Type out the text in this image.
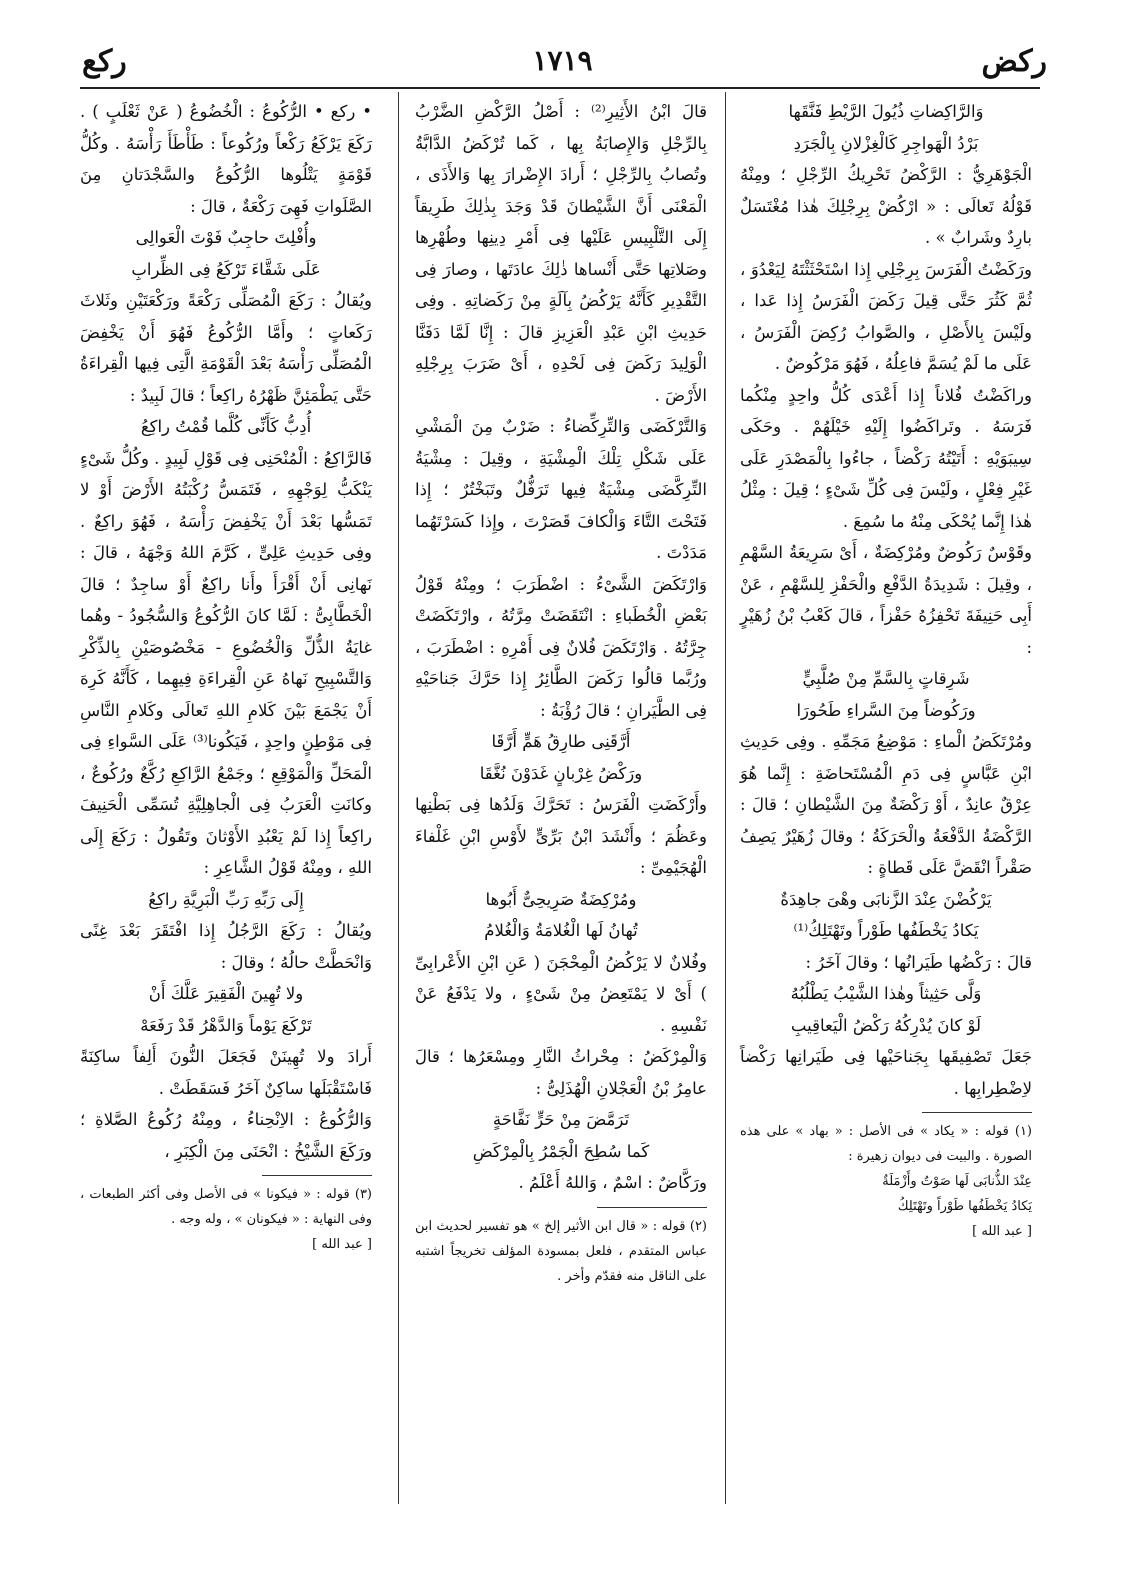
ركض
١٧١٩
ركع

وَالرَّاكِضاتِ ذُيُولَ الرَّيْطِ فَنَّقَها

بَرْدُ الْهَواجِرِ كَالْغِزْلانِ بِالْجَرَدِ

الْجَوْهَرِيُّ : الرَّكْضُ تَحْرِيكُ الرِّجْلِ ؛ ومِنْهُ قَوْلُهُ تَعالَى : « ارْكُضْ بِرِجْلِكَ هٰذا مُغْتَسَلٌ بارِدٌ وشَرابٌ » .

ورَكَضْتُ الْفَرَسَ بِرِجْلِي إِذا اسْتَحْثَثْتَهُ لِيَعْدُوَ ، ثُمَّ كَثُرَ حَتَّى قِيلَ رَكَضَ الْفَرَسُ إِذا عَدا ، ولَيْسَ بِالأَصْلِ ، والصَّوابُ رُكِضَ الْفَرَسُ ، عَلَى ما لَمْ يُسَمَّ فاعِلُهُ ، فَهُوَ مَرْكُوضٌ .

وراكَضْتُ فُلاناً إِذا أَعْدَى كُلُّ واحِدٍ مِنْكُما فَرَسَهُ . وتَراكَضُوا إِلَيْهِ خَيْلَهُمْ . وحَكَى سِيبَوَيْهِ : أَتَيْتُهُ رَكْضاً ، جاءُوا بِالْمَصْدَرِ عَلَى غَيْرِ فِعْلٍ ، ولَيْسَ فِى كُلِّ شَىْءٍ ؛ قِيلَ : مِثْلُ هٰذا إِنَّما يُحْكَى مِنْهُ ما سُمِعَ .

وقَوْسٌ رَكُوضٌ ومُرْكِضَةٌ ، أَىْ سَرِيعَةُ السَّهْمِ ، وقِيلَ : شَدِيدَةُ الدَّفْعِ والْحَفْزِ لِلسَّهْمِ ، عَنْ أَبِى حَنِيفَةَ تَحْفِزُهُ حَفْزاً ، قالَ كَعْبُ بْنُ زُهَيْرٍ :

شَرِقاتٍ بِالسَّمِّ مِنْ صُلَّبِيٍّ

ورَكُوضاً مِنَ السَّراءِ طَحُورَا

ومُرْتَكَضُ الْماءِ : مَوْضِعُ مَجَمِّهِ . وفِى حَدِيثِ ابْنِ عَبَّاسٍ فِى دَمِ الْمُسْتَحاضَةِ : إِنَّما هُوَ عِرْقٌ عانِدٌ ، أَوْ رَكْضَةٌ مِنَ الشَّيْطانِ ؛ قالَ : الرَّكْضَةُ الدَّفْعَةُ والْحَرَكَةُ ؛ وقالَ زُهَيْرٌ يَصِفُ صَقْراً انْقَضَّ عَلَى قَطاةٍ :

يَرْكُضْنَ عِنْدَ الزَّنابَى وهْىَ جاهِدَةٌ

يَكادُ يَخْطَفُها طَوْراً وتَهْتَلِكُ⁽¹⁾

قالَ : رَكْضُها طَيَرانُها ؛ وقالَ آخَرُ :

وَلَّى حَثِيثاً وهٰذا الشَّيْبُ يَطْلُبُهُ

لَوْ كانَ يُدْرِكُهُ رَكْضُ الْيَعاقِيبِ

جَعَلَ تَصْفِيقَها بِجَناحَيْها فِى طَيَرانِها رَكْضاً لاِضْطِرابِها .

(١) قوله : « يكاد » فى الأصل : « بهاد » على هذه الصورة . والبيت فى ديوان زهيرة :

عِنْدَ الذُّنابَى لَها صَوْتٌ وأَزْمَلَةٌ

يَكادُ يَخْطَفُها طَوْراً وتَهْتَلِكُ

[ عبد الله ]

قالَ ابْنُ الأَثِيرِ⁽²⁾ : أَصْلُ الرَّكْضِ الضَّرْبُ بِالرِّجْلِ وَالإِصابَةُ بِها ، كَما تُرْكَضُ الدَّابَّةُ وتُصابُ بِالرِّجْلِ ؛ أَرادَ الإِضْرارَ بِها وَالأَذَى ، الْمَعْنَى أَنَّ الشَّيْطانَ قَدْ وَجَدَ بِذٰلِكَ طَرِيقاً إِلَى التَّلْبِيسِ عَلَيْها فِى أَمْرِ دِينِها وطُهْرِها وصَلاتِها حَتَّى أَنْساها ذٰلِكَ عادَتَها ، وصارَ فِى التَّقْدِيرِ كَأَنَّهُ يَرْكُضُ بِآلَةٍ مِنْ رَكَضاتِهِ . وفِى حَدِيثِ ابْنِ عَبْدِ الْعَزِيزِ قالَ : إِنَّا لَمَّا دَفَنَّا الْوَلِيدَ رَكَضَ فِى لَحْدِهِ ، أَىْ ضَرَبَ بِرِجْلِهِ الأَرْضَ .

وَالتَّرْكَضَى وَالتِّرِكِّضاءُ : ضَرْبٌ مِنَ الْمَشْىِ عَلَى شَكْلِ تِلْكَ الْمِشْيَةِ ، وقِيلَ : مِشْيَةُ التِّرِكَّضَى مِشْيَةٌ فِيها تَرَفُّلٌ وتَبَخْتُرٌ ؛ إِذا فَتَحْتَ التَّاءَ وَالْكافَ قَصَرْتَ ، وإِذا كَسَرْتَهُما مَدَدْتَ .

وَارْتَكَضَ الشَّىْءُ : اضْطَرَبَ ؛ ومِنْهُ قَوْلُ بَعْضِ الْخُطَباءِ : انْتَقَضَتْ مِرَّتُهُ ، وارْتَكَضَتْ جِرَّتُهُ . وَارْتَكَضَ فُلانٌ فِى أَمْرِهِ : اضْطَرَبَ ، ورُبَّما قالُوا رَكَضَ الطَّائِرُ إِذا حَرَّكَ جَناحَيْهِ فِى الطَّيَرانِ ؛ قالَ رُؤْبَةُ :

أَرَّقَنِى طارِقُ هَمٍّ أَرَّقَا

ورَكْضُ غِرْبانٍ غَدَوْنَ نُغَّقَا

وأَرْكَضَتِ الْفَرَسُ : تَحَرَّكَ وَلَدُها فِى بَطْنِها وعَظُمَ ؛ وأَنْشَدَ ابْنُ بَرِّىٍّ لأَوْسِ ابْنِ غَلْفاءَ الْهُجَيْمِىِّ :

ومُرْكِضَةٌ صَرِيحِىٌّ أَبُوها

تُهانُ لَها الْغُلامَةُ وَالْغُلامُ

وفُلانٌ لا يَرْكُضُ الْمِحْجَنَ ( عَنِ ابْنِ الأَعْرابِىِّ ) أَىْ لا يَمْتَعِضُ مِنْ شَىْءٍ ، ولا يَدْفَعُ عَنْ نَفْسِهِ .

وَالْمِرْكَضُ : مِحْراثُ النَّارِ ومِسْعَرُها ؛ قالَ عامِرُ بْنُ الْعَجْلانِ الْهُذَلِىُّ :

تَرَمَّضَ مِنْ حَرٍّ نَفَّاحَةٍ

كَما سُطِحَ الْجَمْرُ بِالْمِرْكَضِ

ورَكَّاضٌ : اسْمٌ ، وَاللهُ أَعْلَمُ .

(٢) قوله : « قال ابن الأثير إلخ » هو تفسير لحديث ابن عباس المتقدم ، فلعل بمسودة المؤلف تخريجاً اشتبه على الناقل منه فقدّم وأخر .

• ركع • الرُّكُوعُ : الْخُضُوعُ ( عَنْ ثَعْلَبٍ ) . رَكَعَ يَرْكَعُ رَكْعاً ورُكُوعاً : طَأْطَأَ رَأْسَهُ . وكُلُّ قَوْمَةٍ يَتْلُوها الرُّكُوعُ والسَّجْدَتانِ مِنَ الصَّلَواتِ فَهِىَ رَكْعَةٌ ، قالَ :

وأُفْلِتَ حاجِبٌ فَوْتَ الْعَوالِى

عَلَى شَقَّاءَ تَرْكَعُ فِى الظِّرابِ

ويُقالُ : رَكَعَ الْمُصَلِّى رَكْعَةً ورَكْعَتَيْنِ وثَلاثَ رَكَعاتٍ ؛ وأَمَّا الرُّكُوعُ فَهُوَ أَنْ يَخْفِضَ الْمُصَلِّى رَأْسَهُ بَعْدَ الْقَوْمَةِ الَّتِى فِيها الْقِراءَةُ حَتَّى يَطْمَئِنَّ ظَهْرُهُ راكِعاً ؛ قالَ لَبِيدٌ :

أُدِبُّ كَأَنِّى كُلَّما قُمْتُ راكِعُ

فَالرَّاكِعُ : الْمُنْحَنِى فِى قَوْلِ لَبِيدٍ . وكُلُّ شَىْءٍ يَنْكَبُّ لِوَجْهِهِ ، فَتَمَسُّ رُكْبَتُهُ الأَرْضَ أَوْ لا تَمَسُّها بَعْدَ أَنْ يَخْفِضَ رَأْسَهُ ، فَهُوَ راكِعٌ . وفِى حَدِيثِ عَلِىٍّ ، كَرَّمَ اللهُ وَجْهَهُ ، قالَ : نَهانِى أَنْ أَقْرَأَ وأَنا راكِعٌ أَوْ ساجِدٌ ؛ قالَ الْخَطَّابِىُّ : لَمَّا كانَ الرُّكُوعُ وَالسُّجُودُ - وهُما غايَةُ الذُّلِّ وَالْخُضُوعِ - مَخْصُوصَيْنِ بِالذِّكْرِ وَالتَّسْبِيحِ نَهاهُ عَنِ الْقِراءَةِ فِيهِما ، كَأَنَّهُ كَرِهَ أَنْ يَجْمَعَ بَيْنَ كَلامِ اللهِ تَعالَى وكَلامِ النَّاسِ فِى مَوْطِنٍ واحِدٍ ، فَيَكُونا⁽³⁾ عَلَى السَّواءِ فِى الْمَحَلِّ وَالْمَوْقِعِ ؛ وجَمْعُ الرَّاكِعِ رُكَّعٌ ورُكُوعٌ ، وكانَتِ الْعَرَبُ فِى الْجاهِلِيَّةِ تُسَمِّى الْحَنِيفَ راكِعاً إِذا لَمْ يَعْبُدِ الأَوْثانَ وتَقُولُ : رَكَعَ إِلَى اللهِ ، ومِنْهُ قَوْلُ الشَّاعِرِ :

إِلَى رَبِّهِ رَبِّ الْبَرِيَّةِ راكِعُ

ويُقالُ : رَكَعَ الرَّجُلُ إِذا افْتَقَرَ بَعْدَ غِنًى وَانْحَطَّتْ حالُهُ ؛ وقالَ :

ولا تُهِينَ الْفَقِيرَ عَلَّكَ أَنْ

تَرْكَعَ يَوْماً وَالدَّهْرُ قَدْ رَفَعَهْ

أَرادَ ولا تُهِينَنْ فَجَعَلَ النُّونَ أَلِفاً ساكِنَةً فَاسْتَقْبَلَها ساكِنٌ آخَرُ فَسَقَطَتْ .

وَالرُّكُوعُ : الاِنْحِناءُ ، ومِنْهُ رُكُوعُ الصَّلاةِ ؛ ورَكَعَ الشَّيْخُ : انْحَنَى مِنَ الْكِبَرِ ،

(٣) قوله : « فيكونا » فى الأصل وفى أكثر الطبعات ، وفى النهاية : « فيكونان » ، وله وجه .

[ عبد الله ]
